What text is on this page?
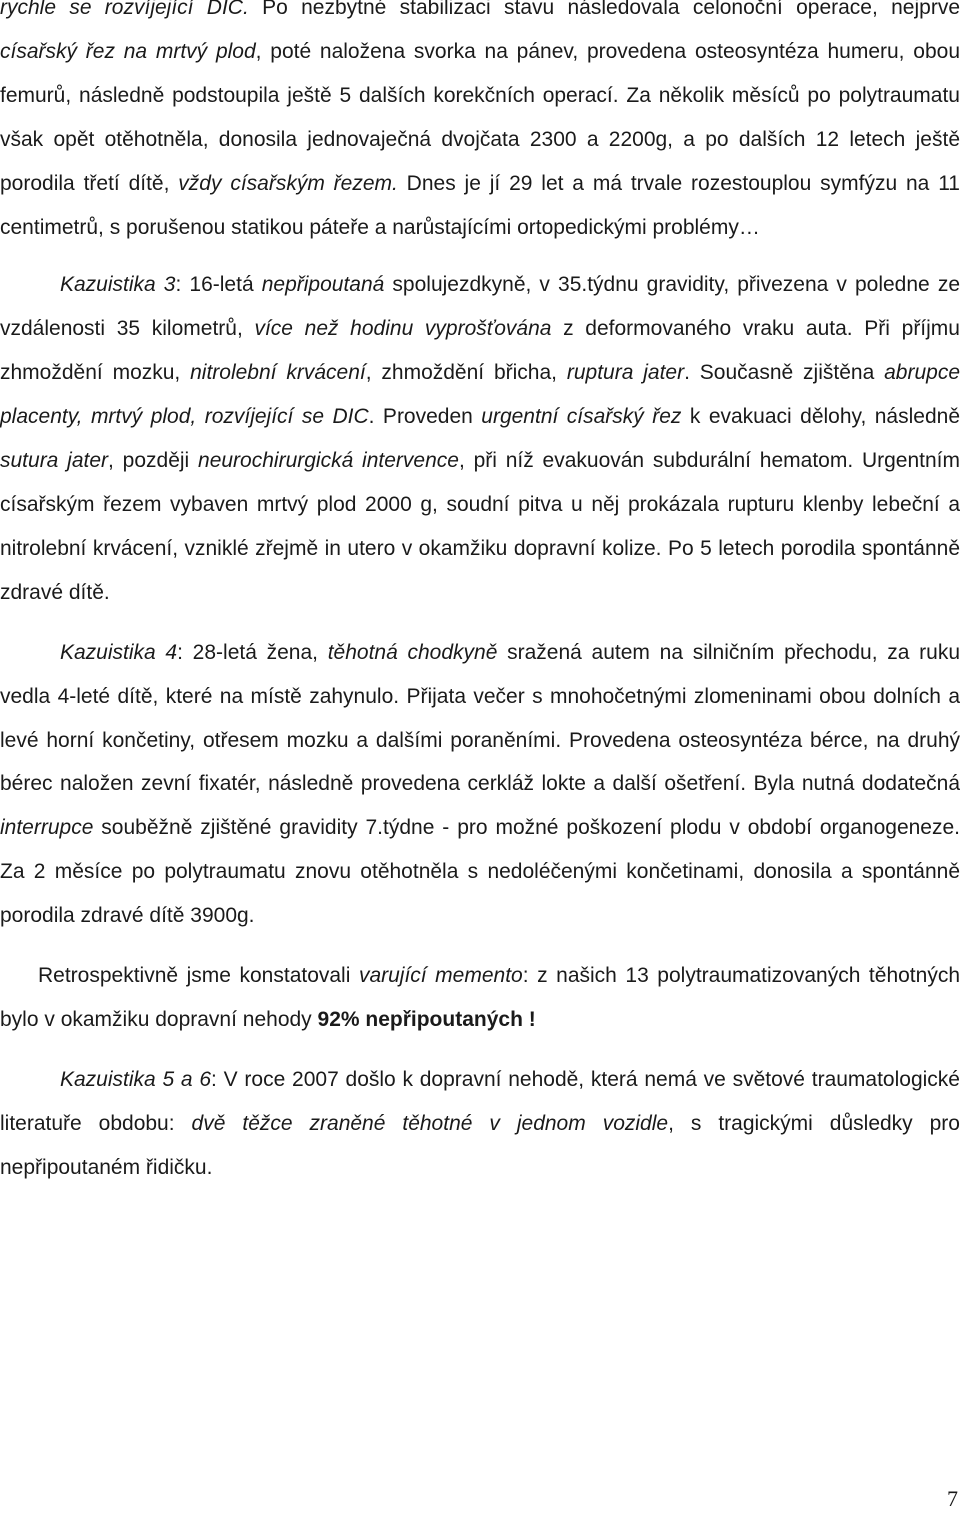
rychle se rozvíjející DIC. Po nezbytné stabilizaci stavu následovala celonoční operace, nejprve císařský řez na mrtvý plod, poté naložena svorka na pánev, provedena osteosyntéza humeru, obou femurů, následně podstoupila ještě 5 dalších korekčních operací. Za několik měsíců po polytraumatu však opět otěhotněla, donosila jednovaječná dvojčata 2300 a 2200g, a po dalších 12 letech ještě porodila třetí dítě, vždy císařským řezem. Dnes je jí 29 let a má trvale rozestouplou symfýzu na 11 centimetrů, s porušenou statikou páteře a narůstajícími ortopedickými problémy…

Kazuistika 3: 16-letá nepřipoutaná spolujezdkyně, v 35.týdnu gravidity, přivezena v poledne ze vzdálenosti 35 kilometrů, více než hodinu vyprošťována z deformovaného vraku auta. Při příjmu zhmoždění mozku, nitrolební krvácení, zhmoždění břicha, ruptura jater. Současně zjištěna abrupce placenty, mrtvý plod, rozvíjející se DIC. Proveden urgentní císařský řez k evakuaci dělohy, následně sutura jater, později neurochirurgická intervence, při níž evakuován subdurální hematom. Urgentním císařským řezem vybaven mrtvý plod 2000 g, soudní pitva u něj prokázala rupturu klenby lebeční a nitrolební krvácení, vzniklé zřejmě in utero v okamžiku dopravní kolize. Po 5 letech porodila spontánně zdravé dítě.

Kazuistika 4: 28-letá žena, těhotná chodkyně sražená autem na silničním přechodu, za ruku vedla 4-leté dítě, které na místě zahynulo. Přijata večer s mnohočetnými zlomeninami obou dolních a levé horní končetiny, otřesem mozku a dalšími poraněními. Provedena osteosyntéza bérce, na druhý bérec naložen zevní fixatér, následně provedena cerkláž lokte a další ošetření. Byla nutná dodatečná interrupce souběžně zjištěné gravidity 7.týdne - pro možné poškození plodu v období organogeneze. Za 2 měsíce po polytraumatu znovu otěhotněla s nedoléčenými končetinami, donosila a spontánně porodila zdravé dítě 3900g.

Retrospektivně jsme konstatovali varující memento: z našich 13 polytraumatizovaných těhotných bylo v okamžiku dopravní nehody 92% nepřipoutaných !

Kazuistika 5 a 6: V roce 2007 došlo k dopravní nehodě, která nemá ve světové traumatologické literatuře obdobu: dvě těžce zraněné těhotné v jednom vozidle, s tragickými důsledky pro nepřipoutaném řidičku.

7
